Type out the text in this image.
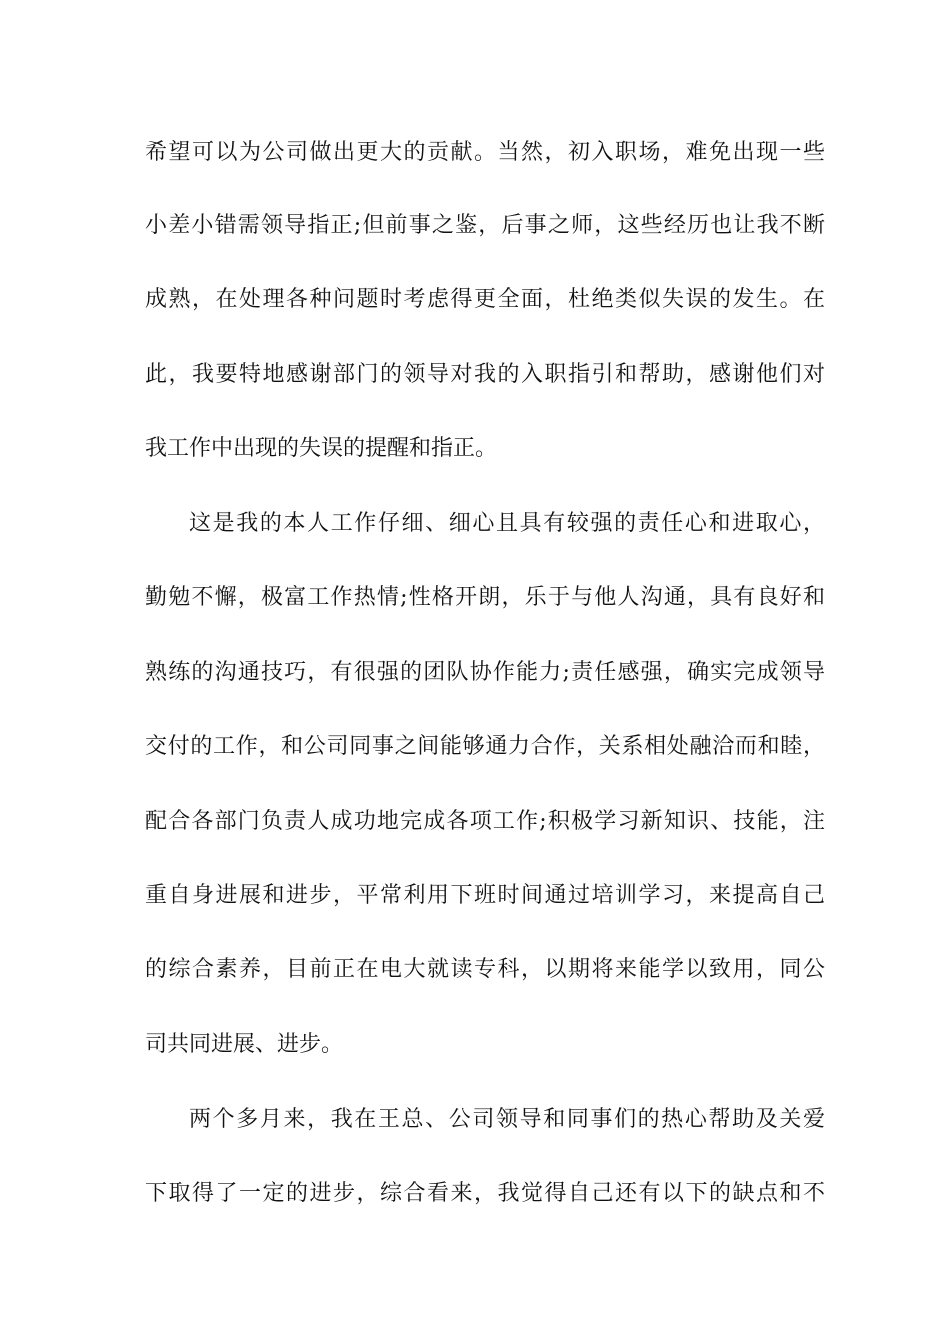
希望可以为公司做出更大的贡献。当然，初入职场，难免出现一些
小差小错需领导指正;但前事之鉴，后事之师，这些经历也让我不断
成熟，在处理各种问题时考虑得更全面，杜绝类似失误的发生。在
此，我要特地感谢部门的领导对我的入职指引和帮助，感谢他们对
我工作中出现的失误的提醒和指正。
这是我的本人工作仔细、细心且具有较强的责任心和进取心，
勤勉不懈，极富工作热情;性格开朗，乐于与他人沟通，具有良好和
熟练的沟通技巧，有很强的团队协作能力;责任感强，确实完成领导
交付的工作，和公司同事之间能够通力合作，关系相处融洽而和睦，
配合各部门负责人成功地完成各项工作;积极学习新知识、技能，注
重自身进展和进步，平常利用下班时间通过培训学习，来提高自己
的综合素养，目前正在电大就读专科，以期将来能学以致用，同公
司共同进展、进步。
两个多月来，我在王总、公司领导和同事们的热心帮助及关爱
下取得了一定的进步，综合看来，我觉得自己还有以下的缺点和不
